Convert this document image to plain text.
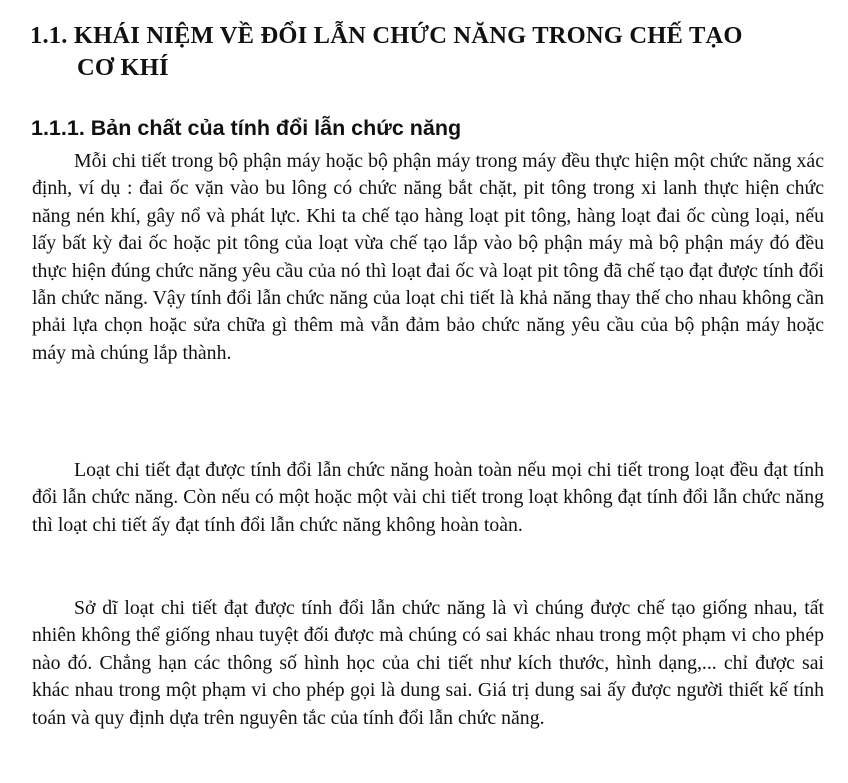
1.1. KHÁI NIỆM VỀ ĐỔI LẪN CHỨC NĂNG TRONG CHẾ TẠO
CƠ KHÍ
1.1.1. Bản chất của tính đổi lẫn chức năng

Mỗi chi tiết trong bộ phận máy hoặc bộ phận máy trong máy đều thực hiện một chức năng xác định, ví dụ : đai ốc vặn vào bu lông có chức năng bắt chặt, pit tông trong xi lanh thực hiện chức năng nén khí, gây nổ và phát lực. Khi ta chế tạo hàng loạt pit tông, hàng loạt đai ốc cùng loại, nếu lấy bất kỳ đai ốc hoặc pit tông của loạt vừa chế tạo lắp vào bộ phận máy mà bộ phận máy đó đều thực hiện đúng chức năng yêu cầu của nó thì loạt đai ốc và loạt pit tông đã chế tạo đạt được tính đổi lẫn chức năng. Vậy tính đổi lẫn chức năng của loạt chi tiết là khả năng thay thế cho nhau không cần phải lựa chọn hoặc sửa chữa gì thêm mà vẫn đảm bảo chức năng yêu cầu của bộ phận máy hoặc máy mà chúng lắp thành.

Loạt chi tiết đạt được tính đổi lẫn chức năng hoàn toàn nếu mọi chi tiết trong loạt đều đạt tính đổi lẫn chức năng. Còn nếu có một hoặc một vài chi tiết trong loạt không đạt tính đổi lẫn chức năng thì loạt chi tiết ấy đạt tính đổi lẫn chức năng không hoàn toàn.

Sở dĩ loạt chi tiết đạt được tính đổi lẫn chức năng là vì chúng được chế tạo giống nhau, tất nhiên không thể giống nhau tuyệt đối được mà chúng có sai khác nhau trong một phạm vi cho phép nào đó. Chẳng hạn các thông số hình học của chi tiết như kích thước, hình dạng,... chỉ được sai khác nhau trong một phạm vi cho phép gọi là dung sai. Giá trị dung sai ấy được người thiết kế tính toán và quy định dựa trên nguyên tắc của tính đổi lẫn chức năng.
